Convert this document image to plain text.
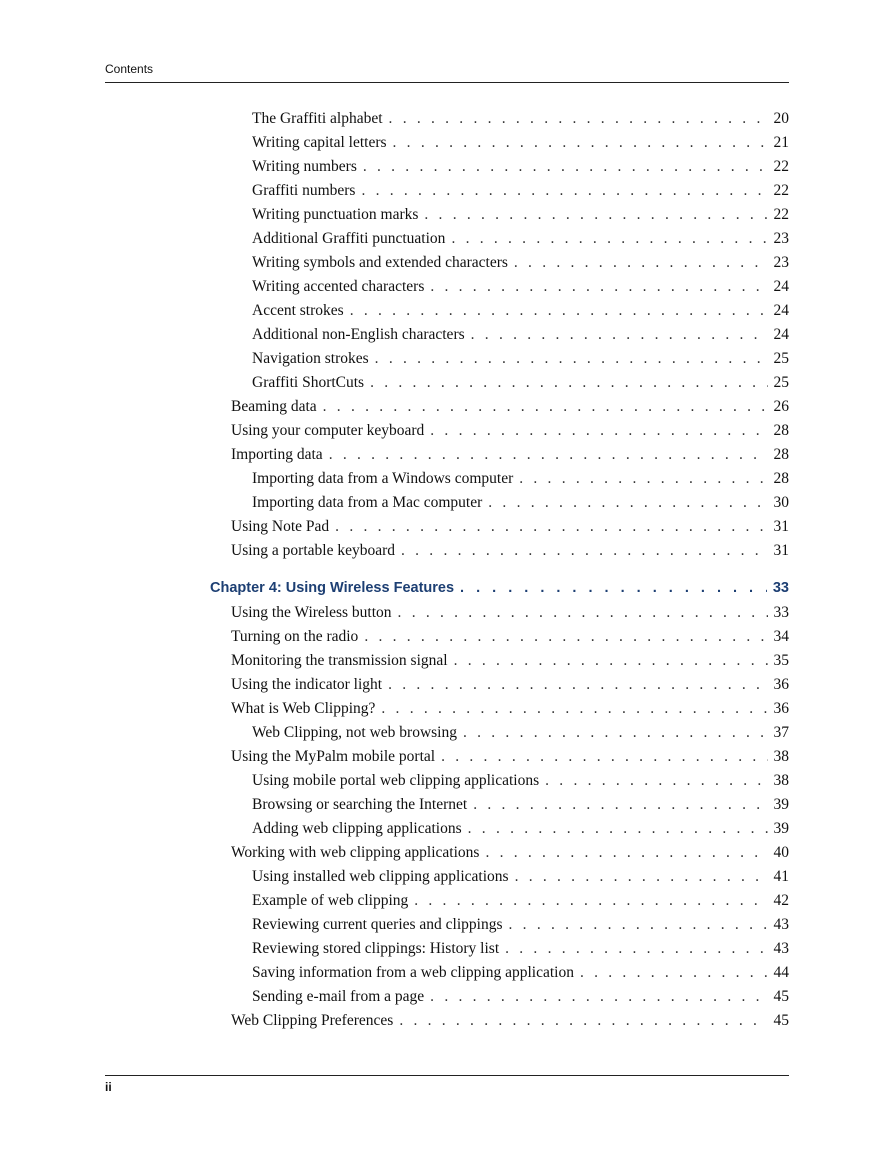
Contents
The Graffiti alphabet . . .	20
Writing capital letters . . .	21
Writing numbers . . .	22
Graffiti numbers . . .	22
Writing punctuation marks . . .	22
Additional Graffiti punctuation . . .	23
Writing symbols and extended characters . . .	23
Writing accented characters . . .	24
Accent strokes . . .	24
Additional non-English characters . . .	24
Navigation strokes . . .	25
Graffiti ShortCuts . . .	25
Beaming data . . .	26
Using your computer keyboard . . .	28
Importing data . . .	28
Importing data from a Windows computer . . .	28
Importing data from a Mac computer . . .	30
Using Note Pad . . .	31
Using a portable keyboard . . .	31
Chapter 4: Using Wireless Features . . .	33
Using the Wireless button . . .	33
Turning on the radio . . .	34
Monitoring the transmission signal . . .	35
Using the indicator light . . .	36
What is Web Clipping? . . .	36
Web Clipping, not web browsing . . .	37
Using the MyPalm mobile portal . . .	38
Using mobile portal web clipping applications . . .	38
Browsing or searching the Internet . . .	39
Adding web clipping applications . . .	39
Working with web clipping applications . . .	40
Using installed web clipping applications . . .	41
Example of web clipping . . .	42
Reviewing current queries and clippings . . .	43
Reviewing stored clippings: History list . . .	43
Saving information from a web clipping application . . .	44
Sending e-mail from a page . . .	45
Web Clipping Preferences . . .	45
ii
